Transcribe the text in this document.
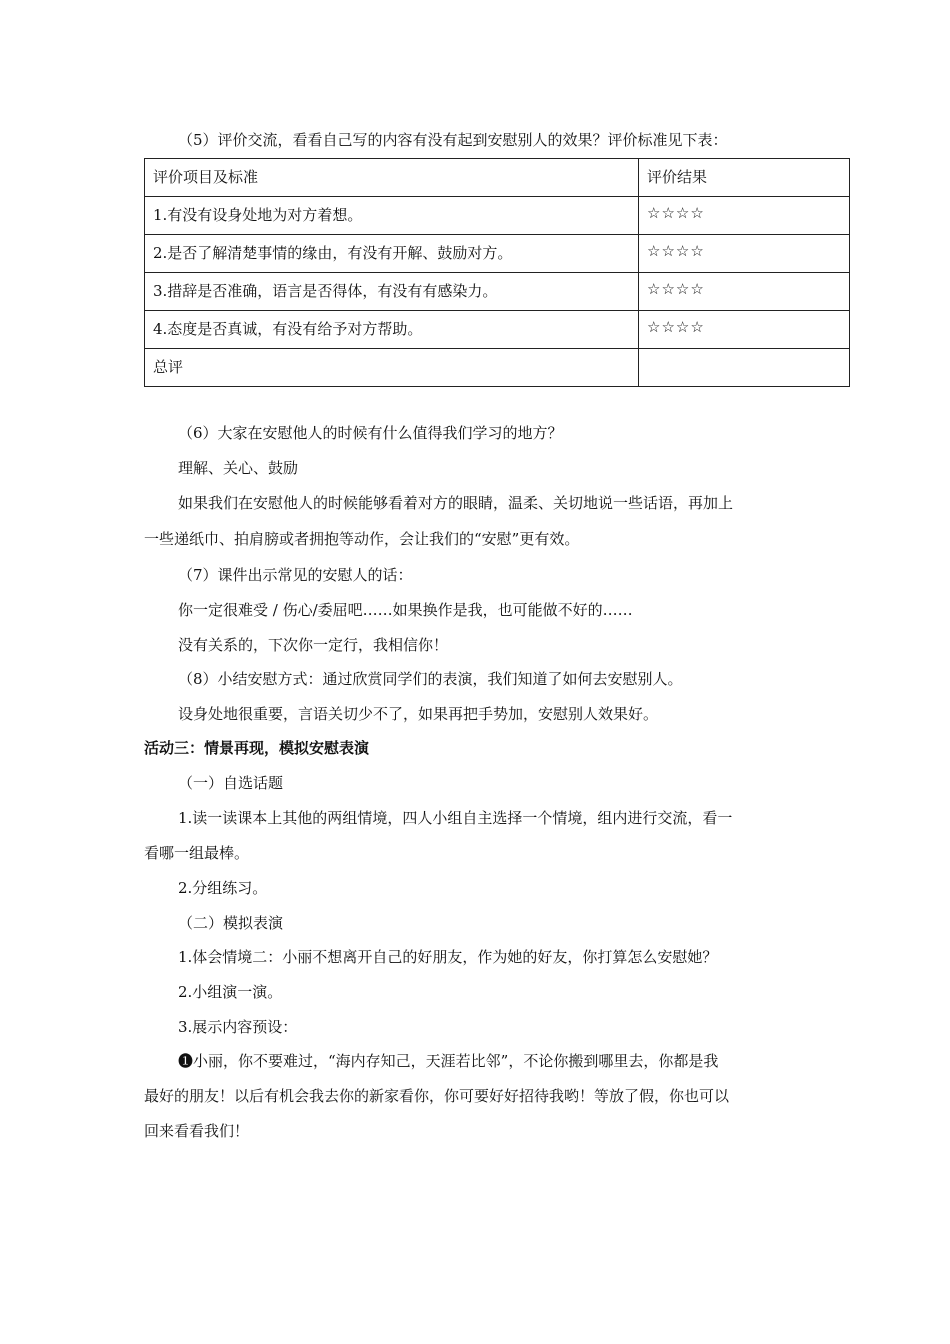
（5）评价交流，看看自己写的内容有没有起到安慰别人的效果？评价标准见下表：
评价项目及标准	评价结果
1.有没有设身处地为对方着想。	☆☆☆☆
2.是否了解清楚事情的缘由，有没有开解、鼓励对方。	☆☆☆☆
3.措辞是否准确，语言是否得体，有没有有感染力。	☆☆☆☆
4.态度是否真诚，有没有给予对方帮助。	☆☆☆☆
总评	
（6）大家在安慰他人的时候有什么值得我们学习的地方？
理解、关心、鼓励
如果我们在安慰他人的时候能够看着对方的眼睛，温柔、关切地说一些话语，再加上
一些递纸巾、拍肩膀或者拥抱等动作，会让我们的“安慰”更有效。
（7）课件出示常见的安慰人的话：
你一定很难受 / 伤心/委屈吧……如果换作是我，也可能做不好的……
没有关系的，下次你一定行，我相信你！
（8）小结安慰方式：通过欣赏同学们的表演，我们知道了如何去安慰别人。
设身处地很重要，言语关切少不了，如果再把手势加，安慰别人效果好。
活动三：情景再现，模拟安慰表演
（一）自选话题
1.读一读课本上其他的两组情境，四人小组自主选择一个情境，组内进行交流，看一
看哪一组最棒。
2.分组练习。
（二）模拟表演
1.体会情境二：小丽不想离开自己的好朋友，作为她的好友，你打算怎么安慰她？
2.小组演一演。
3.展示内容预设：
❶小丽，你不要难过，“海内存知己，天涯若比邻”，不论你搬到哪里去，你都是我
最好的朋友！以后有机会我去你的新家看你，你可要好好招待我哟！等放了假，你也可以
回来看看我们！
